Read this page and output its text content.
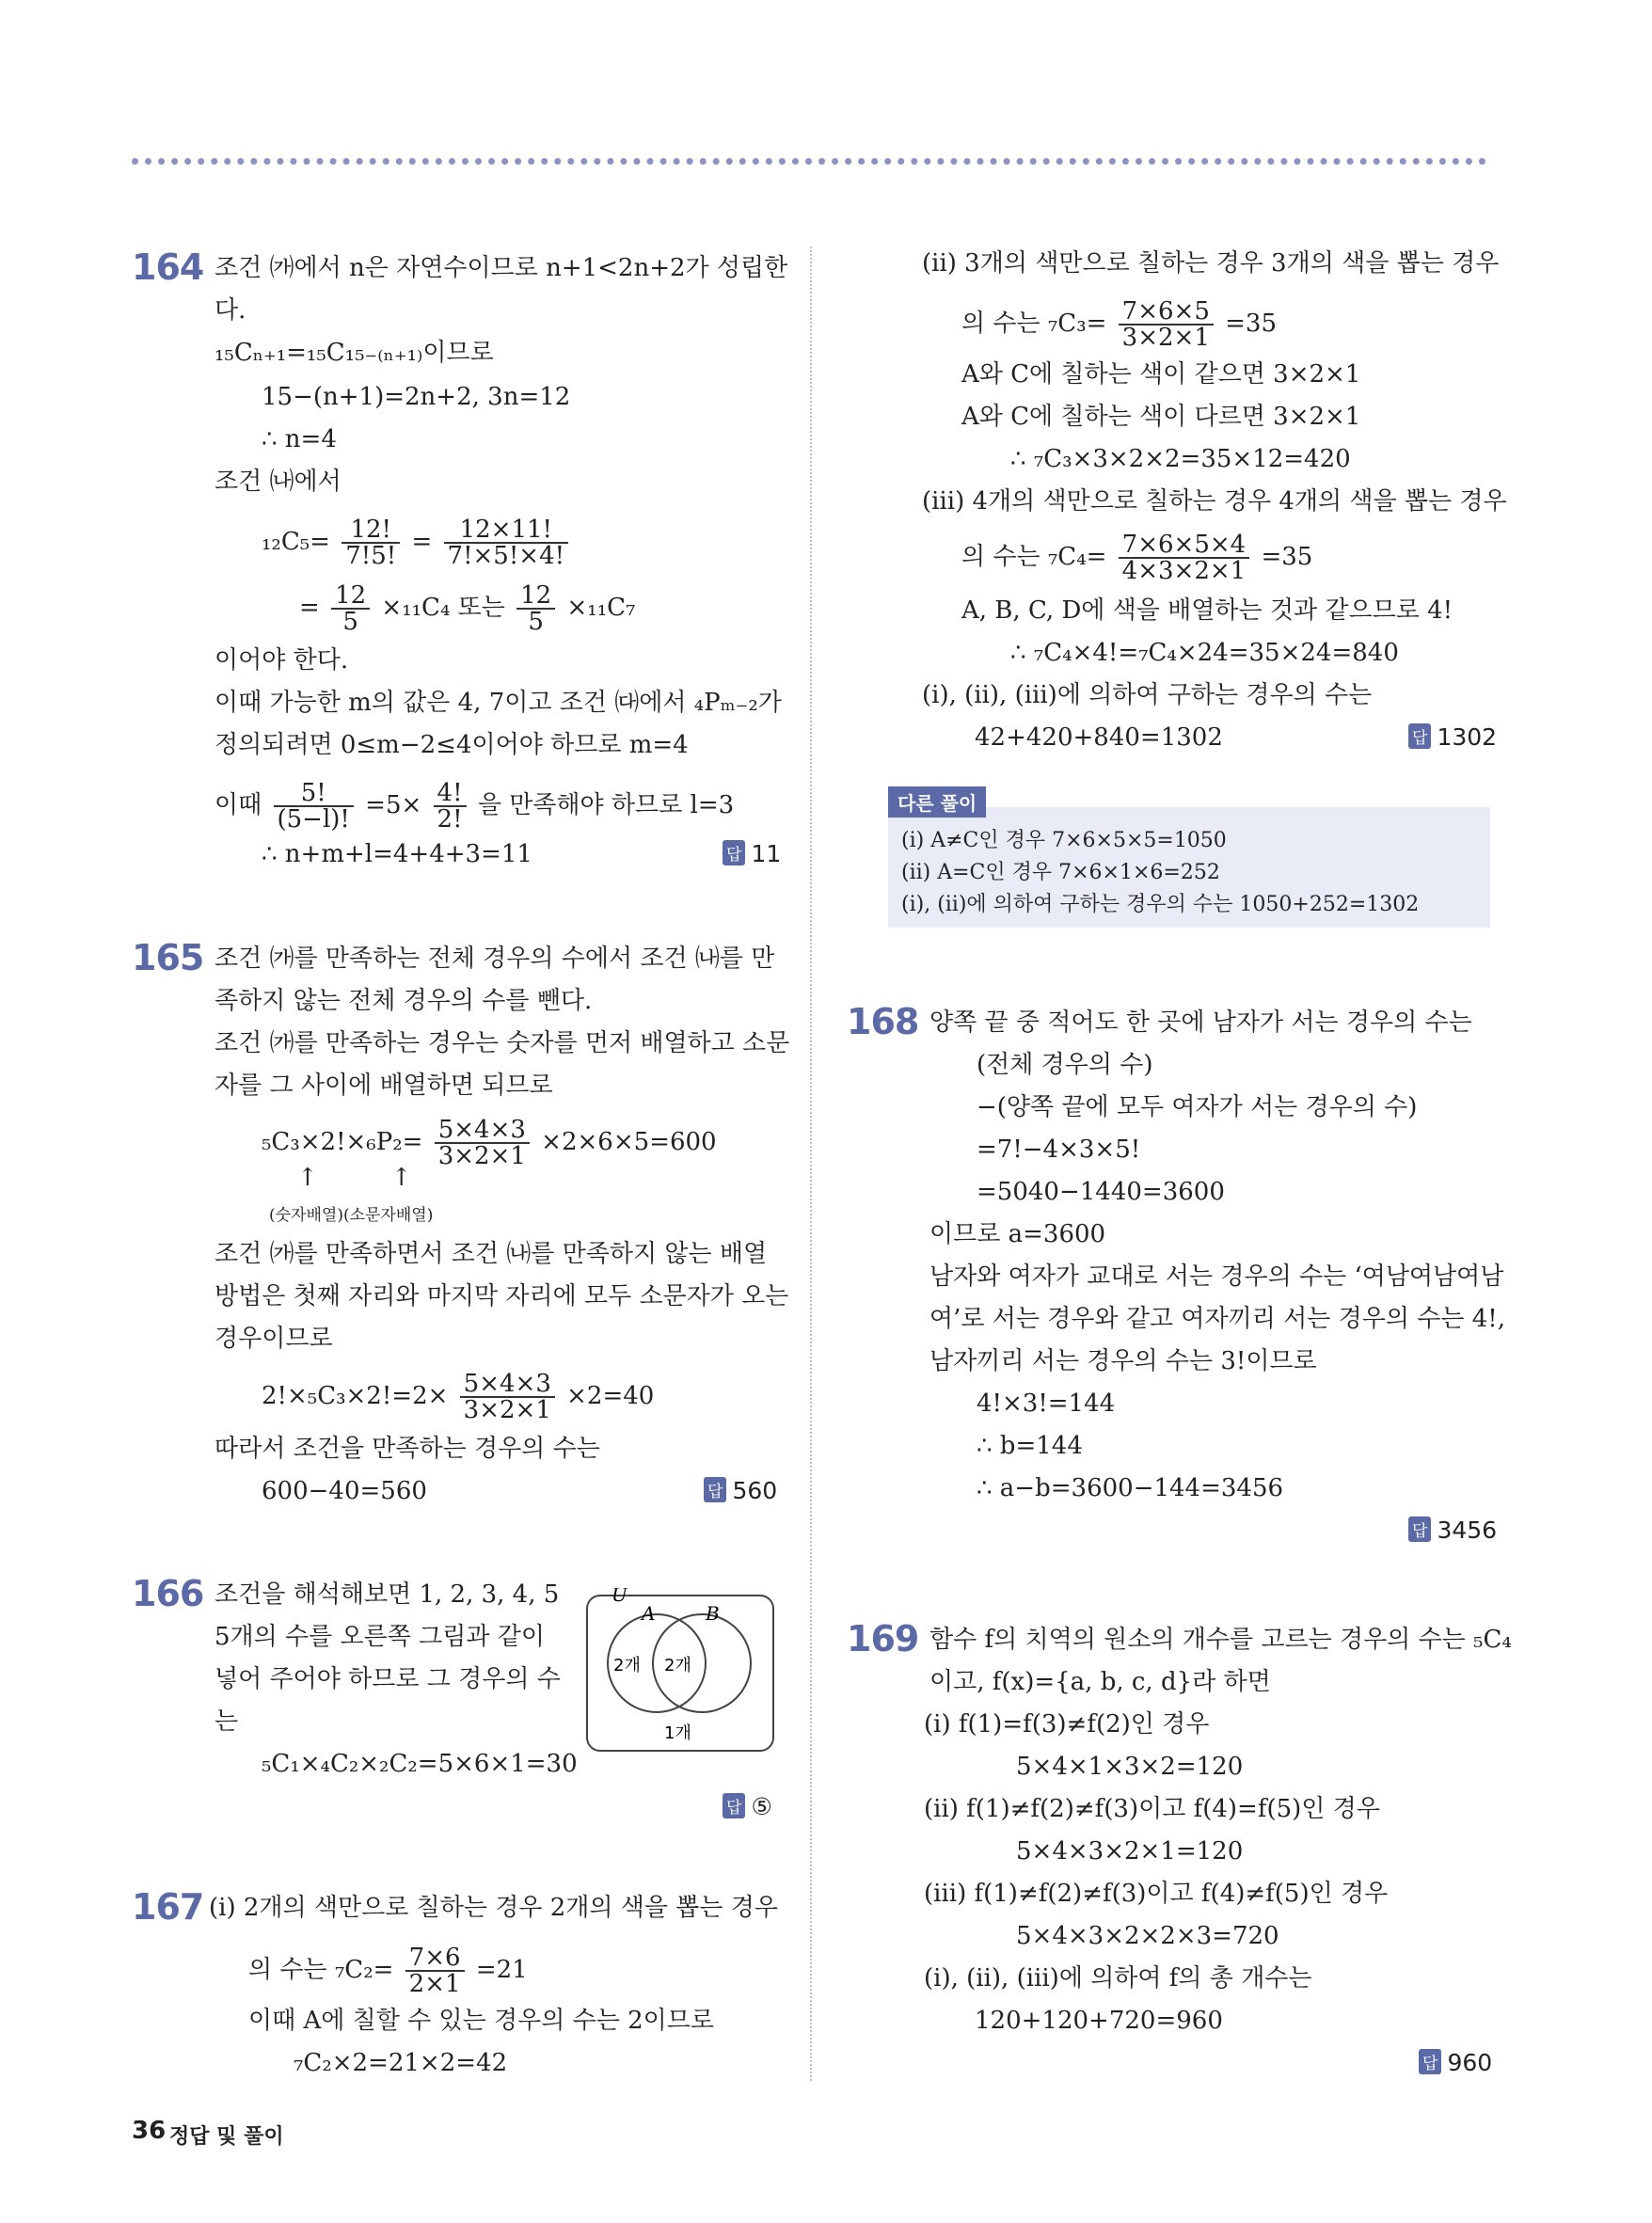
164 조건 ㈎에서 n은 자연수이므로 n+1<2n+2가 성립한
다.
₁₅Cₙ₊₁=₁₅C₁₅₋₍ₙ₊₁₎이므로
15−(n+1)=2n+2, 3n=12
∴ n=4
조건 ㈏에서
$_{12}C_5= \frac{12!}{7!5!} = \frac{12\times 11!}{7!\times 5!\times 4!}$
= $\frac{12}{5} \times_{11}C_4$ 또는 $\frac{12}{5} \times_{11}C_7$
이어야 한다.
이때 가능한 m의 값은 4, 7이고 조건 ㈐에서 ₄Pₘ₋₂가
정의되려면 0≤m−2≤4이어야 하므로 m=4
이때 $\frac{5!}{(5-l)!} =5\times \frac{4!}{2!}$ 을 만족해야 하므로 l=3
∴ n+m+l=4+4+3=11	답 11
165 조건 ㈎를 만족하는 전체 경우의 수에서 조건 ㈏를 만
족하지 않는 전체 경우의 수를 뺀다.
조건 ㈎를 만족하는 경우는 숫자를 먼저 배열하고 소문
자를 그 사이에 배열하면 되므로
$_5C_3\times 2!\times_6P_2= \frac{5\times 4\times 3}{3\times 2\times 1} \times 2\times 6\times 5=600$
↑　　　↑
(숫자배열)(소문자배열)
조건 ㈎를 만족하면서 조건 ㈏를 만족하지 않는 배열
방법은 첫째 자리와 마지막 자리에 모두 소문자가 오는
경우이므로
$2!\times_5C_3\times 2!=2\times \frac{5\times 4\times 3}{3\times 2\times 1} \times 2=40$
따라서 조건을 만족하는 경우의 수는
600−40=560	답 560
166 조건을 해석해보면 1, 2, 3, 4, 5
5개의 수를 오른쪽 그림과 같이
넣어 주어야 하므로 그 경우의 수
는
₅C₁×₄C₂×₂C₂=5×6×1=30
U
A	B
2개 2개
1개
답 ⑤
167 (ⅰ) 2개의 색만으로 칠하는 경우 2개의 색을 뽑는 경우
의 수는 $_7C_2= \frac{7\times 6}{2\times 1} =21$
이때 A에 칠할 수 있는 경우의 수는 2이므로
₇C₂×2=21×2=42
(ⅱ) 3개의 색만으로 칠하는 경우 3개의 색을 뽑는 경우
의 수는 $_7C_3= \frac{7\times 6\times 5}{3\times 2\times 1} =35$
A와 C에 칠하는 색이 같으면 3×2×1
A와 C에 칠하는 색이 다르면 3×2×1
∴ ₇C₃×3×2×2=35×12=420
(ⅲ) 4개의 색만으로 칠하는 경우 4개의 색을 뽑는 경우
의 수는 $_7C_4= \frac{7\times 6\times 5\times 4}{4\times 3\times 2\times 1} =35$
A, B, C, D에 색을 배열하는 것과 같으므로 4!
∴ ₇C₄×4!=₇C₄×24=35×24=840
(ⅰ), (ⅱ), (ⅲ)에 의하여 구하는 경우의 수는
42+420+840=1302	답 1302
다른 풀이
(ⅰ) A≠C인 경우 7×6×5×5=1050
(ⅱ) A=C인 경우 7×6×1×6=252
(ⅰ), (ⅱ)에 의하여 구하는 경우의 수는 1050+252=1302
168 양쪽 끝 중 적어도 한 곳에 남자가 서는 경우의 수는
(전체 경우의 수)
−(양쪽 끝에 모두 여자가 서는 경우의 수)
=7!−4×3×5!
=5040−1440=3600
이므로 a=3600
남자와 여자가 교대로 서는 경우의 수는 ‘여남여남여남
여’로 서는 경우와 같고 여자끼리 서는 경우의 수는 4!,
남자끼리 서는 경우의 수는 3!이므로
4!×3!=144
∴ b=144
∴ a−b=3600−144=3456
답 3456
169 함수 f의 치역의 원소의 개수를 고르는 경우의 수는 ₅C₄
이고, f(x)={a, b, c, d}라 하면
(ⅰ) f(1)=f(3)≠f(2)인 경우
5×4×1×3×2=120
(ⅱ) f(1)≠f(2)≠f(3)이고 f(4)=f(5)인 경우
5×4×3×2×1=120
(ⅲ) f(1)≠f(2)≠f(3)이고 f(4)≠f(5)인 경우
5×4×3×2×2×3=720
(ⅰ), (ⅱ), (ⅲ)에 의하여 f의 총 개수는
120+120+720=960
답 960
36 정답 및 풀이
